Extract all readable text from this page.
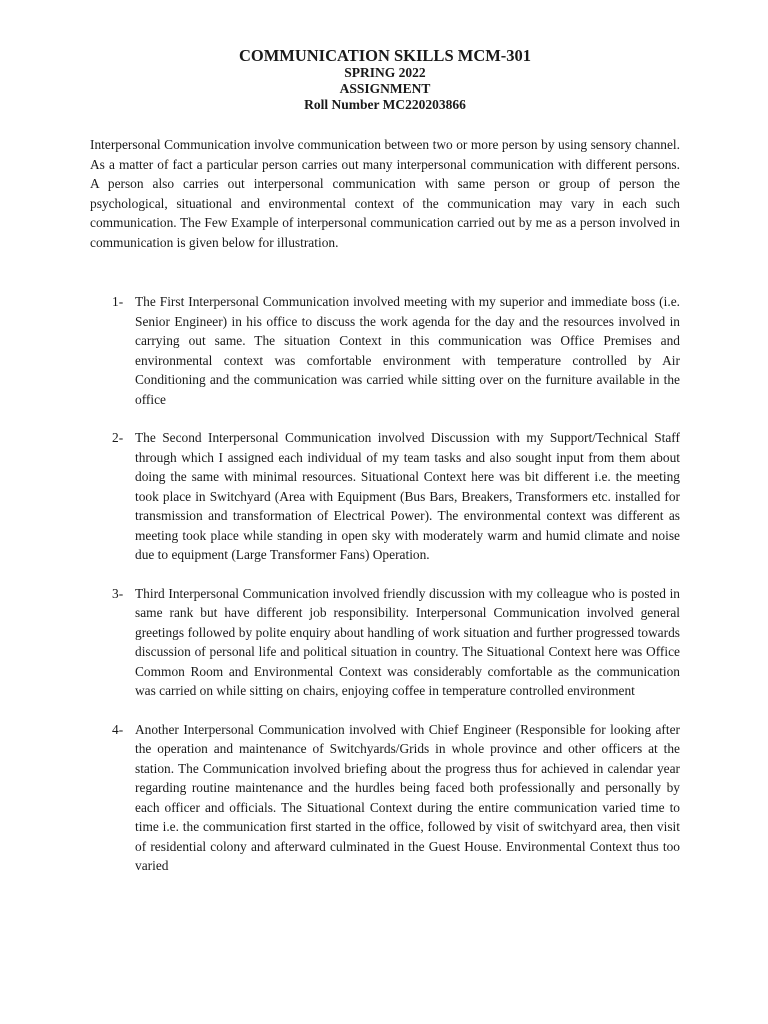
COMMUNICATION SKILLS MCM-301
SPRING 2022
ASSIGNMENT
Roll Number MC220203866

Interpersonal Communication involve communication between two or more person by using sensory channel. As a matter of fact a particular person carries out many interpersonal communication with different persons. A person also carries out interpersonal communication with same person or group of person the psychological, situational and environmental context of the communication may vary in each such communication. The Few Example of interpersonal communication carried out by me as a person involved in communication is given below for illustration.

1- The First Interpersonal Communication involved meeting with my superior and immediate boss (i.e. Senior Engineer) in his office to discuss the work agenda for the day and the resources involved in carrying out same. The situation Context in this communication was Office Premises and environmental context was comfortable environment with temperature controlled by Air Conditioning and the communication was carried while sitting over on the furniture available in the office
2- The Second Interpersonal Communication involved Discussion with my Support/Technical Staff through which I assigned each individual of my team tasks and also sought input from them about doing the same with minimal resources. Situational Context here was bit different i.e. the meeting took place in Switchyard (Area with Equipment (Bus Bars, Breakers, Transformers etc. installed for transmission and transformation of Electrical Power). The environmental context was different as meeting took place while standing in open sky with moderately warm and humid climate and noise due to equipment (Large Transformer Fans) Operation.
3- Third Interpersonal Communication involved friendly discussion with my colleague who is posted in same rank but have different job responsibility. Interpersonal Communication involved general greetings followed by polite enquiry about handling of work situation and further progressed towards discussion of personal life and political situation in country. The Situational Context here was Office Common Room and Environmental Context was considerably comfortable as the communication was carried on while sitting on chairs, enjoying coffee in temperature controlled environment
4- Another Interpersonal Communication involved with Chief Engineer (Responsible for looking after the operation and maintenance of Switchyards/Grids in whole province and other officers at the station. The Communication involved briefing about the progress thus for achieved in calendar year regarding routine maintenance and the hurdles being faced both professionally and personally by each officer and officials. The Situational Context during the entire communication varied time to time i.e. the communication first started in the office, followed by visit of switchyard area, then visit of residential colony and afterward culminated in the Guest House. Environmental Context thus too varied
